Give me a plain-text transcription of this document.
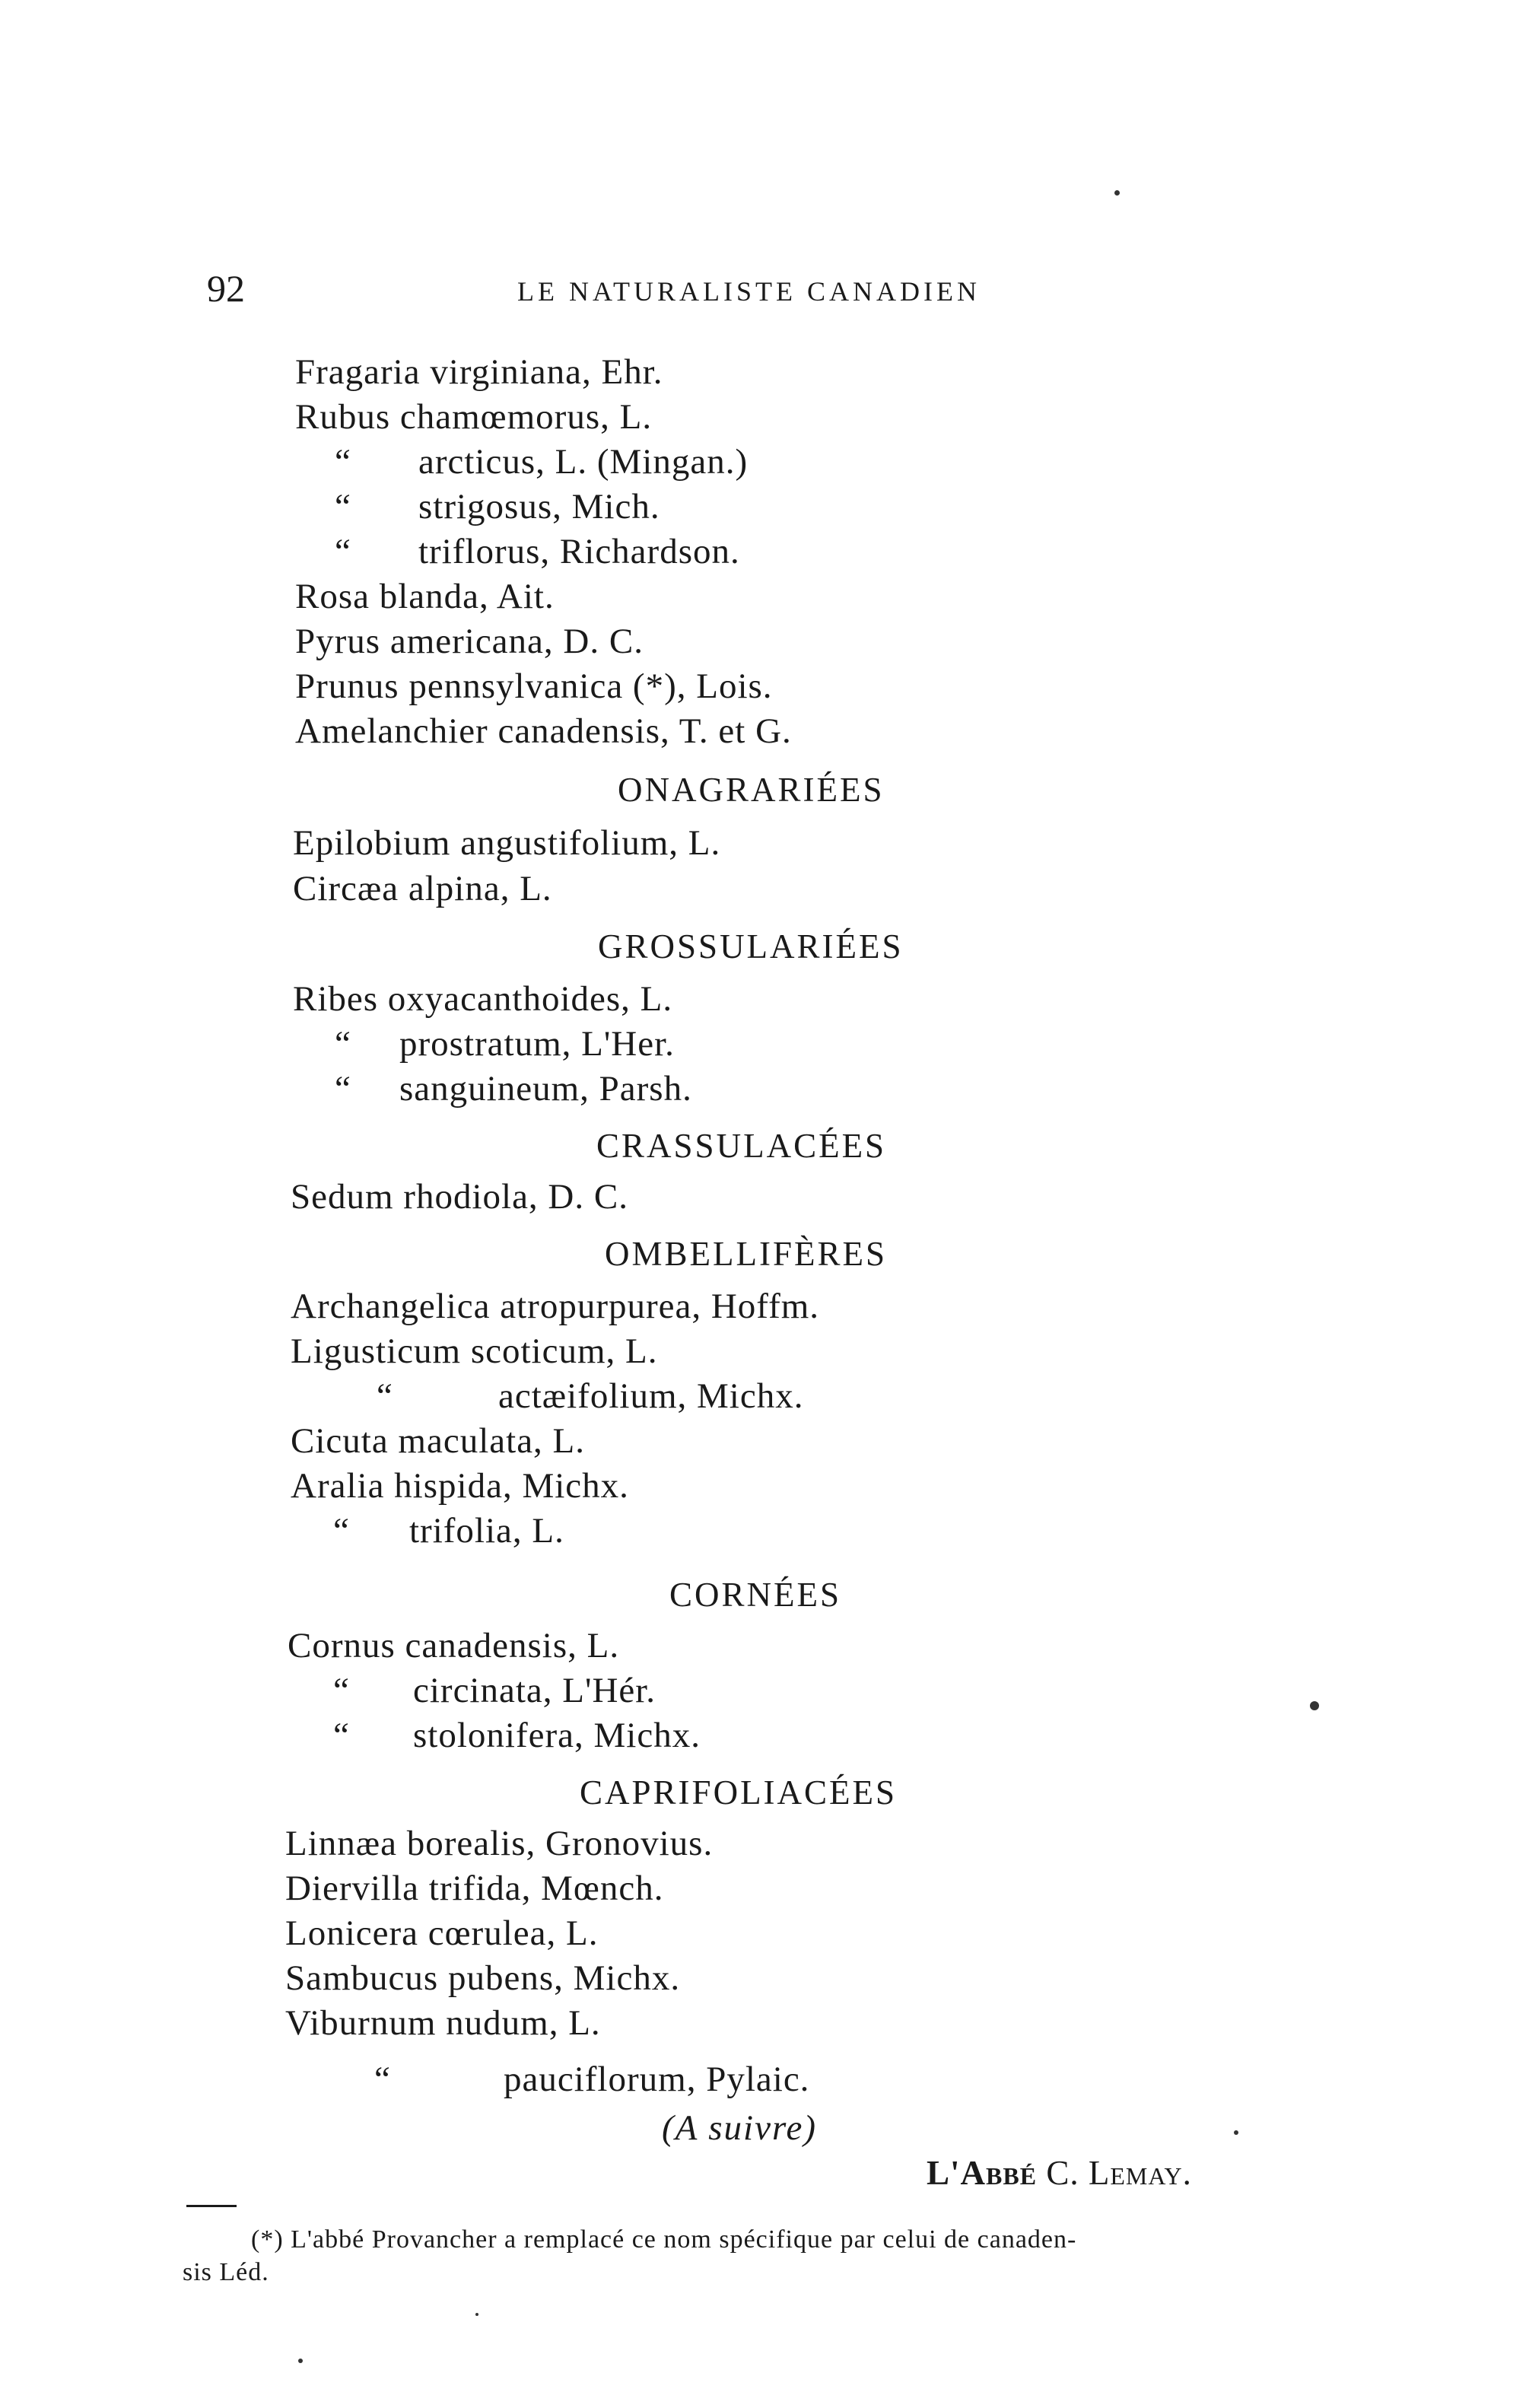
92	LE NATURALISTE CANADIEN
Fragaria virginiana, Ehr.
Rubus chamœmorus, L.
“ arcticus, L. (Mingan.)
“ strigosus, Mich.
“ triflorus, Richardson.
Rosa blanda, Ait.
Pyrus americana, D. C.
Prunus pennsylvanica (*), Lois.
Amelanchier canadensis, T. et G.
ONAGRARIÉES
Epilobium angustifolium, L.
Circæa alpina, L.
GROSSULARIÉES
Ribes oxyacanthoides, L.
“ prostratum, L'Her.
“ sanguineum, Parsh.
CRASSULACÉES
Sedum rhodiola, D. C.
OMBELLIFÈRES
Archangelica atropurpurea, Hoffm.
Ligusticum scoticum, L.
“	actæifolium, Michx.
Cicuta maculata, L.
Aralia hispida, Michx.
“ trifolia, L.
CORNÉES
Cornus canadensis, L.
“ circinata, L'Hér.
“ stolonifera, Michx.
CAPRIFOLIACÉES
Linnæa borealis, Gronovius.
Diervilla trifida, Mœnch.
Lonicera cœrulea, L.
Sambucus pubens, Michx.
Viburnum nudum, L.
“	pauciflorum, Pylaic.
(A suivre)
L'Abbé C. Lemay.
(*) L'abbé Provancher a remplacé ce nom spécifique par celui de canaden-
sis Léd.
